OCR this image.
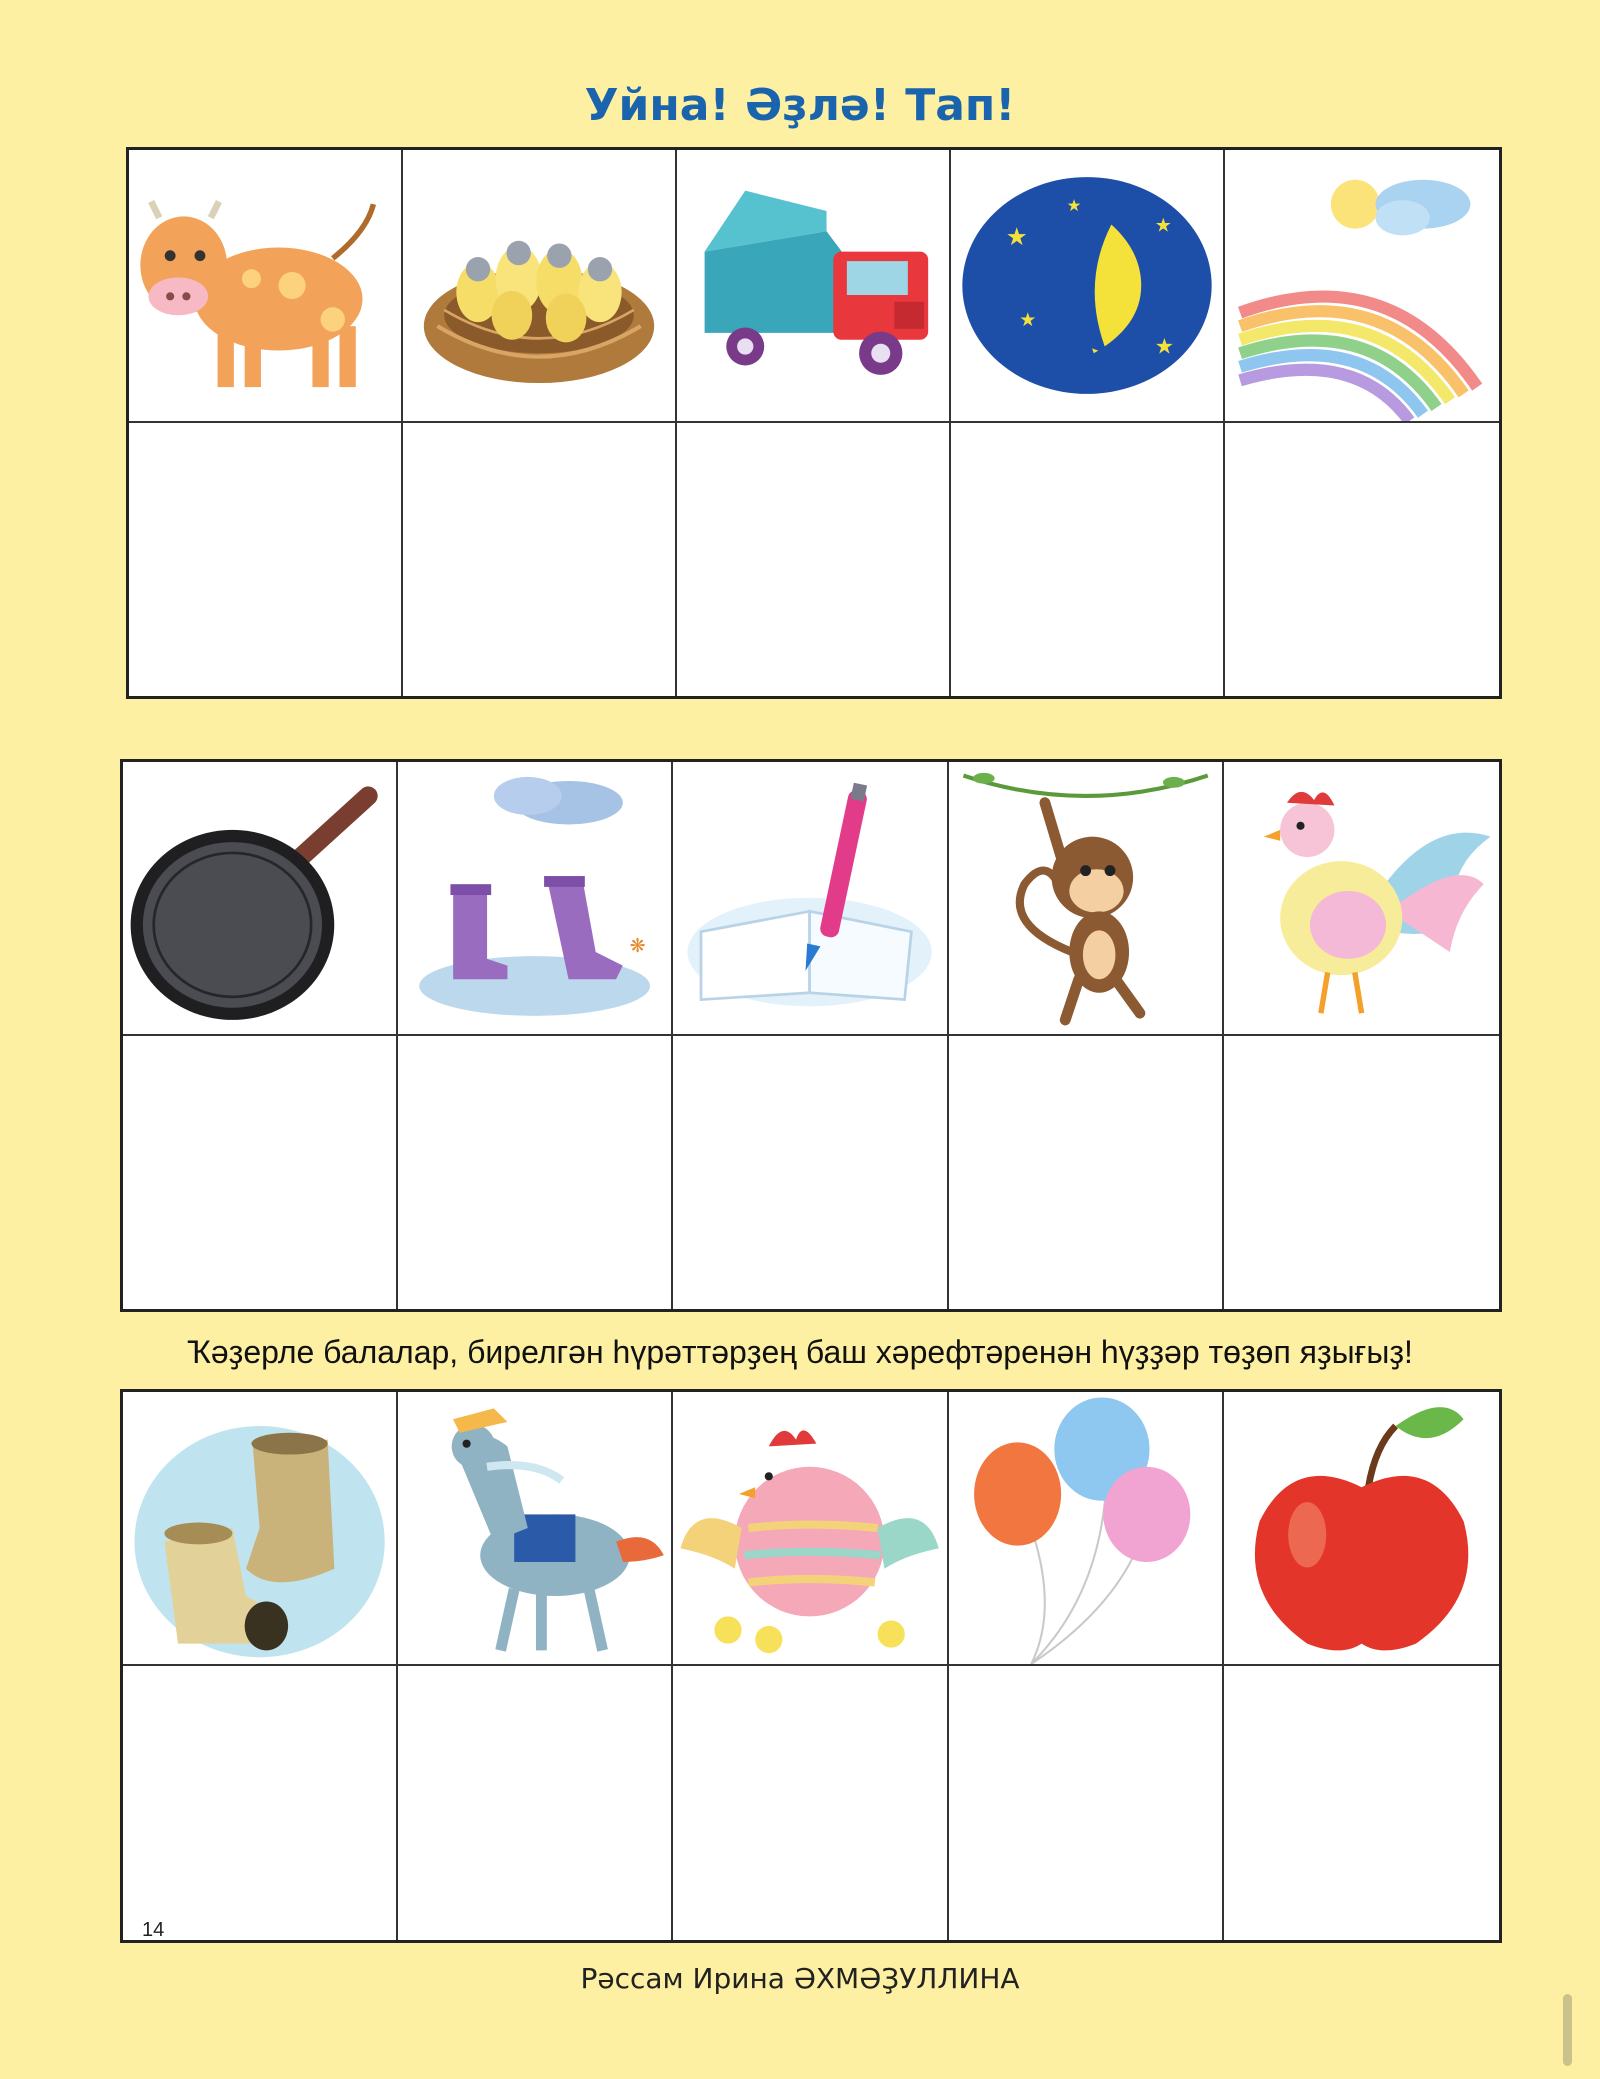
Уйна! Әҙлә! Тап!
★	★
★
★
★
❋
Ҡәҙерле балалар, бирелгән һүрәттәрҙең баш хәрефтәренән һүҙҙәр төҙөп яҙығыҙ!
14
Рәссам Ирина ӘХМӘҘУЛЛИНА
